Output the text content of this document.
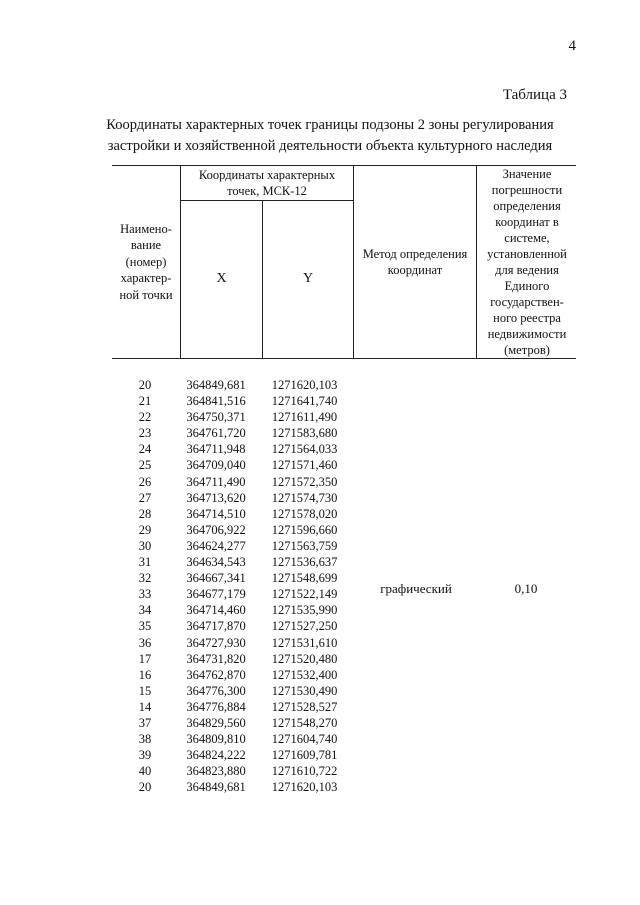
4
Таблица 3
Координаты характерных точек границы подзоны 2 зоны регулирования застройки и хозяйственной деятельности объекта культурного наследия
Наимено-
вание
(номер)
характер-
ной точки
Координаты характерных точек, МСК-12
X	Y
Метод определения координат
Значение погрешности определения координат в системе, установленной для ведения Единого государствен-ного реестра недвижимости (метров)
20	364849,681	1271620,103
21	364841,516	1271641,740
22	364750,371	1271611,490
23	364761,720	1271583,680
24	364711,948	1271564,033
25	364709,040	1271571,460
26	364711,490	1271572,350
27	364713,620	1271574,730
28	364714,510	1271578,020
29	364706,922	1271596,660
30	364624,277	1271563,759
31	364634,543	1271536,637
32	364667,341	1271548,699
33	364677,179	1271522,149
34	364714,460	1271535,990
35	364717,870	1271527,250
36	364727,930	1271531,610
17	364731,820	1271520,480
16	364762,870	1271532,400
15	364776,300	1271530,490
14	364776,884	1271528,527
37	364829,560	1271548,270
38	364809,810	1271604,740
39	364824,222	1271609,781
40	364823,880	1271610,722
20	364849,681	1271620,103
графический	0,10
